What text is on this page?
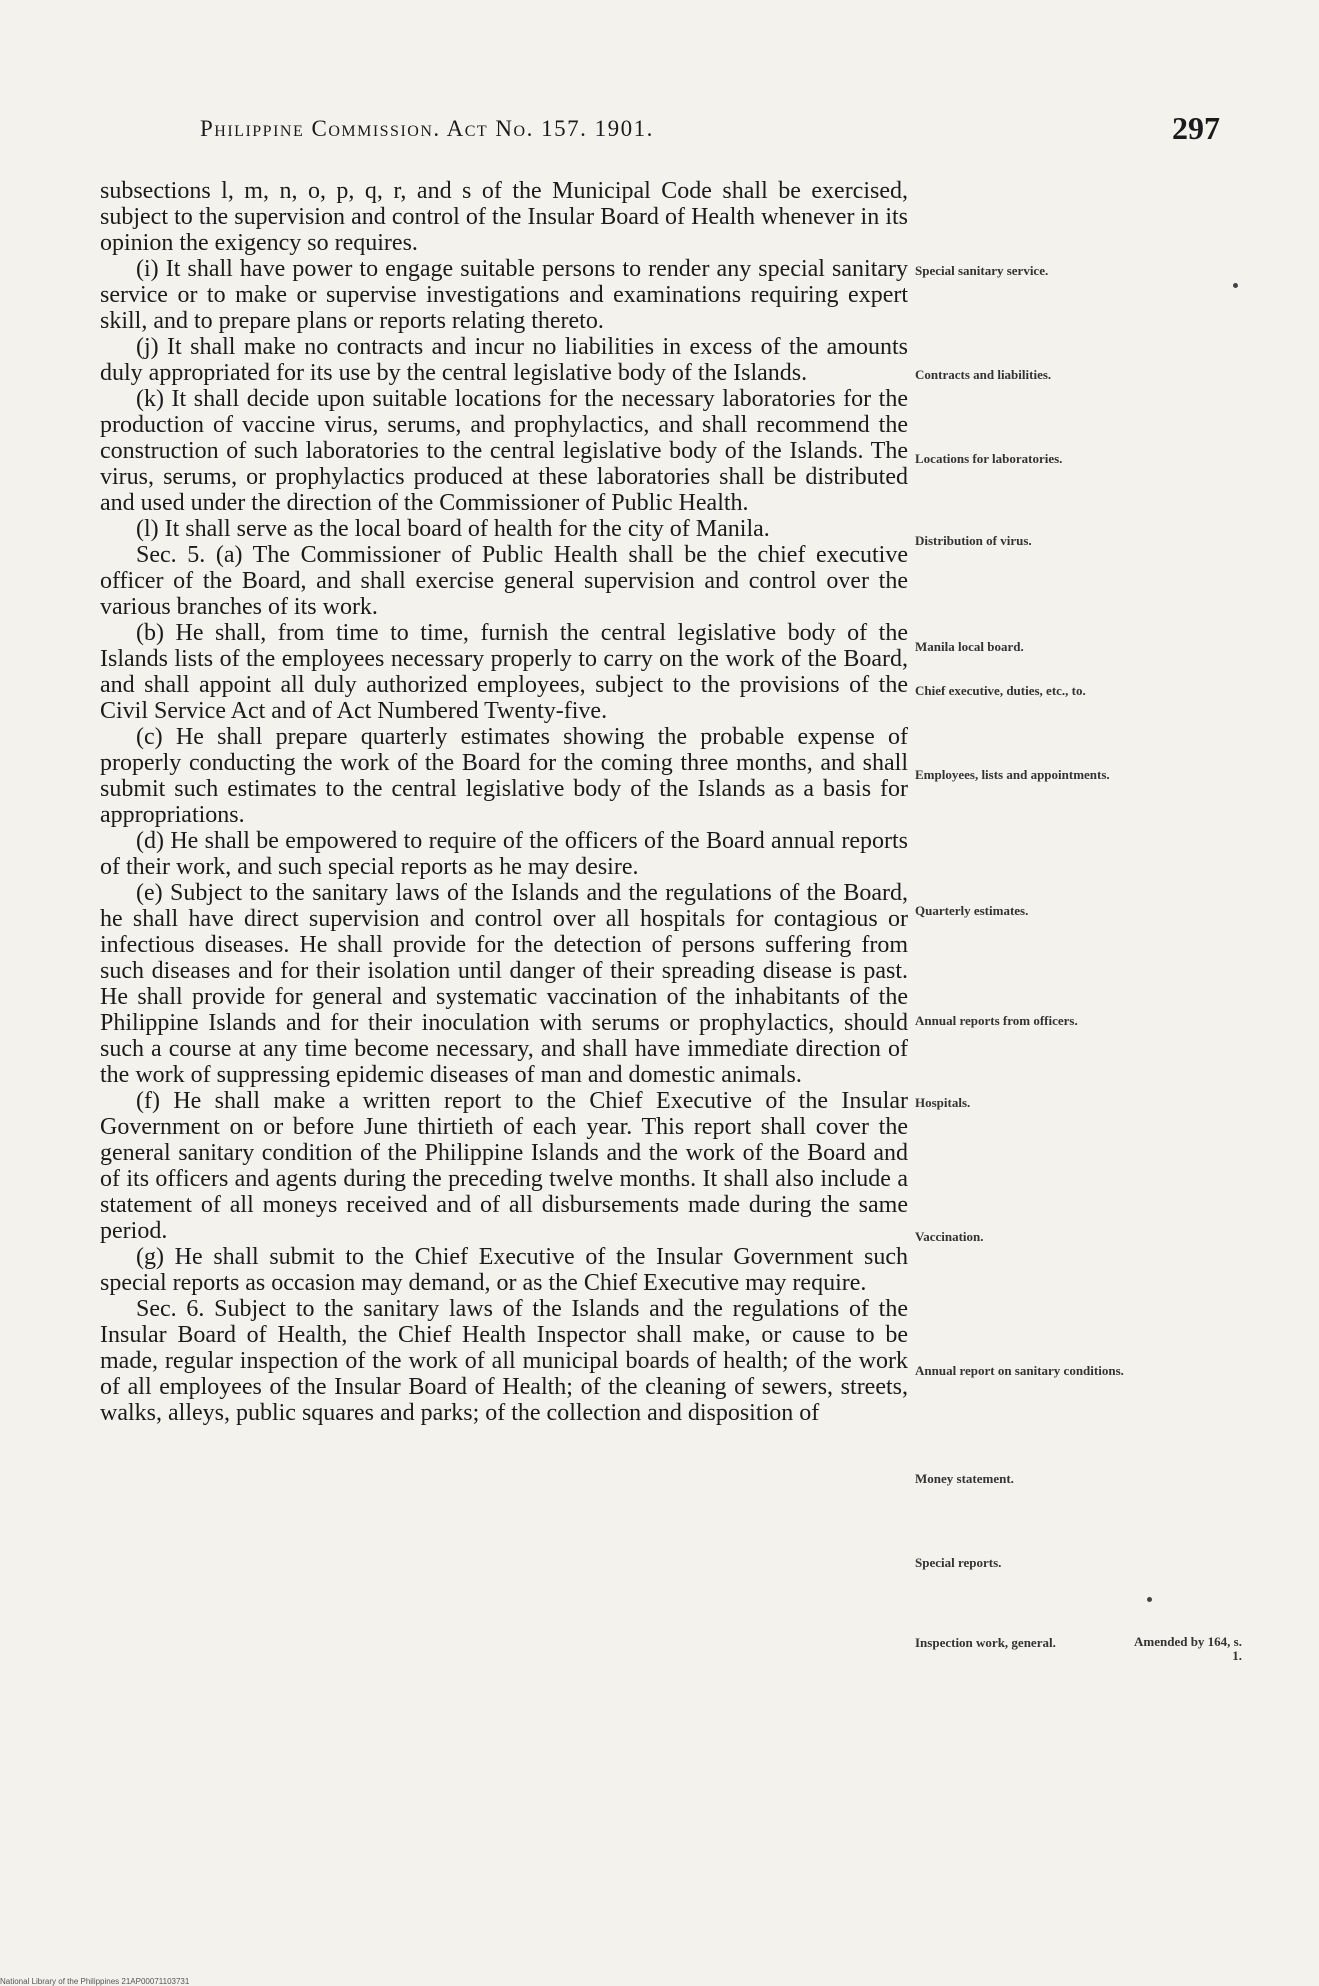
Philippine Commission. Act No. 157. 1901.	297

subsections l, m, n, o, p, q, r, and s of the Municipal Code shall be exercised, subject to the supervision and control of the Insular Board of Health whenever in its opinion the exigency so requires.

(i) It shall have power to engage suitable persons to render any special sanitary service or to make or supervise investigations and examinations requiring expert skill, and to prepare plans or reports relating thereto.

(j) It shall make no contracts and incur no liabilities in excess of the amounts duly appropriated for its use by the central legislative body of the Islands.

(k) It shall decide upon suitable locations for the necessary laboratories for the production of vaccine virus, serums, and prophylactics, and shall recommend the construction of such laboratories to the central legislative body of the Islands. The virus, serums, or prophylactics produced at these laboratories shall be distributed and used under the direction of the Commissioner of Public Health.

(l) It shall serve as the local board of health for the city of Manila.

Sec. 5. (a) The Commissioner of Public Health shall be the chief executive officer of the Board, and shall exercise general supervision and control over the various branches of its work.

(b) He shall, from time to time, furnish the central legislative body of the Islands lists of the employees necessary properly to carry on the work of the Board, and shall appoint all duly authorized employees, subject to the provisions of the Civil Service Act and of Act Numbered Twenty-five.

(c) He shall prepare quarterly estimates showing the probable expense of properly conducting the work of the Board for the coming three months, and shall submit such estimates to the central legislative body of the Islands as a basis for appropriations.

(d) He shall be empowered to require of the officers of the Board annual reports of their work, and such special reports as he may desire.

(e) Subject to the sanitary laws of the Islands and the regulations of the Board, he shall have direct supervision and control over all hospitals for contagious or infectious diseases. He shall provide for the detection of persons suffering from such diseases and for their isolation until danger of their spreading disease is past. He shall provide for general and systematic vaccination of the inhabitants of the Philippine Islands and for their inoculation with serums or prophylactics, should such a course at any time become necessary, and shall have immediate direction of the work of suppressing epidemic diseases of man and domestic animals.

(f) He shall make a written report to the Chief Executive of the Insular Government on or before June thirtieth of each year. This report shall cover the general sanitary condition of the Philippine Islands and the work of the Board and of its officers and agents during the preceding twelve months. It shall also include a statement of all moneys received and of all disbursements made during the same period.

(g) He shall submit to the Chief Executive of the Insular Government such special reports as occasion may demand, or as the Chief Executive may require.

Sec. 6. Subject to the sanitary laws of the Islands and the regulations of the Insular Board of Health, the Chief Health Inspector shall make, or cause to be made, regular inspection of the work of all municipal boards of health; of the work of all employees of the Insular Board of Health; of the cleaning of sewers, streets, walks, alleys, public squares and parks; of the collection and disposition of

Special sanitary service.
Contracts and liabilities.
Locations for laboratories.
Distribution of virus.
Manila local board.
Chief executive, duties, etc., to.
Employees, lists and appointments.
Quarterly estimates.
Annual reports from officers.
Hospitals.
Vaccination.
Annual report on sanitary conditions.
Money statement.
Special reports.
Inspection work, general.	Amended by 164, s. 1.
National Library of the Philippines 21AP00071103731
